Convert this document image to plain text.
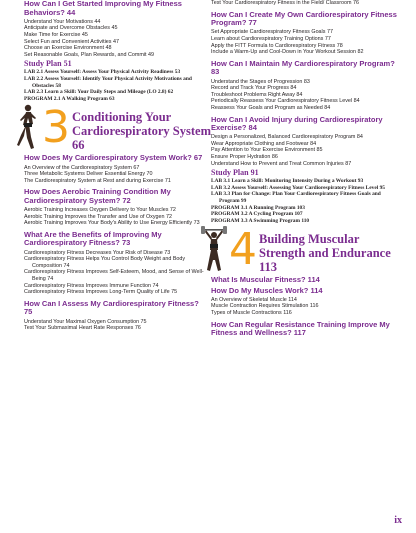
How Can I Get Started Improving My Fitness Behaviors? 44
Understand Your Motivations 44
Anticipate and Overcome Obstacles 45
Make Time for Exercise 45
Select Fun and Convenient Activities 47
Choose an Exercise Environment 48
Set Reasonable Goals, Plan Rewards, and Commit 49
Study Plan 51
LAB 2.1 Assess Yourself: Assess Your Physical Activity Readiness 53
LAB 2.2 Assess Yourself: Identify Your Physical Activity Motivations and Obstacles 58
LAB 2.3 Learn a Skill: Your Daily Steps and Mileage (LO 2.8) 62
PROGRAM 2.1 A Walking Program 63
3 Conditioning Your Cardiorespiratory System 66
How Does My Cardiorespiratory System Work? 67
An Overview of the Cardiorespiratory System 67
Three Metabolic Systems Deliver Essential Energy 70
The Cardiorespiratory System at Rest and during Exercise 71
How Does Aerobic Training Condition My Cardiorespiratory System? 72
Aerobic Training Increases Oxygen Delivery to Your Muscles 72
Aerobic Training Improves the Transfer and Use of Oxygen 72
Aerobic Training Improves Your Body's Ability to Use Energy Efficiently 73
What Are the Benefits of Improving My Cardiorespiratory Fitness? 73
Cardiorespiratory Fitness Decreases Your Risk of Disease 73
Cardiorespiratory Fitness Helps You Control Body Weight and Body Composition 74
Cardiorespiratory Fitness Improves Self-Esteem, Mood, and Sense of Well-Being 74
Cardiorespiratory Fitness Improves Immune Function 74
Cardiorespiratory Fitness Improves Long-Term Quality of Life 75
How Can I Assess My Cardiorespiratory Fitness? 75
Understand Your Maximal Oxygen Consumption 75
Test Your Submaximal Heart Rate Responses 76
Test Your Cardiorespiratory Fitness in the Field/ Classroom 76
How Can I Create My Own Cardiorespiratory Fitness Program? 77
Set Appropriate Cardiorespiratory Fitness Goals 77
Learn about Cardiorespiratory Training Options 77
Apply the FITT Formula to Cardiorespiratory Fitness 78
Include a Warm-Up and Cool-Down in Your Workout Session 82
How Can I Maintain My Cardiorespiratory Program? 83
Understand the Stages of Progression 83
Record and Track Your Progress 84
Troubleshoot Problems Right Away 84
Periodically Reassess Your Cardiorespiratory Fitness Level 84
Reassess Your Goals and Program as Needed 84
How Can I Avoid Injury during Cardiorespiratory Exercise? 84
Design a Personalized, Balanced Cardiorespiratory Program 84
Wear Appropriate Clothing and Footwear 84
Pay Attention to Your Exercise Environment 85
Ensure Proper Hydration 86
Understand How to Prevent and Treat Common Injuries 87
Study Plan 91
LAB 3.1 Learn a Skill: Monitoring Intensity During a Workout 93
LAB 3.2 Assess Yourself: Assessing Your Cardiorespiratory Fitness Level 95
LAB 3.3 Plan for Change: Plan Your Cardiorespiratory Fitness Goals and Program 99
PROGRAM 3.1 A Running Program 103
PROGRAM 3.2 A Cycling Program 107
PROGRAM 3.3 A Swimming Program 110
4 Building Muscular Strength and Endurance 113
What Is Muscular Fitness? 114
How Do My Muscles Work? 114
An Overview of Skeletal Muscle 114
Muscle Contraction Requires Stimulation 116
Types of Muscle Contractions 116
How Can Regular Resistance Training Improve My Fitness and Wellness? 117
ix
